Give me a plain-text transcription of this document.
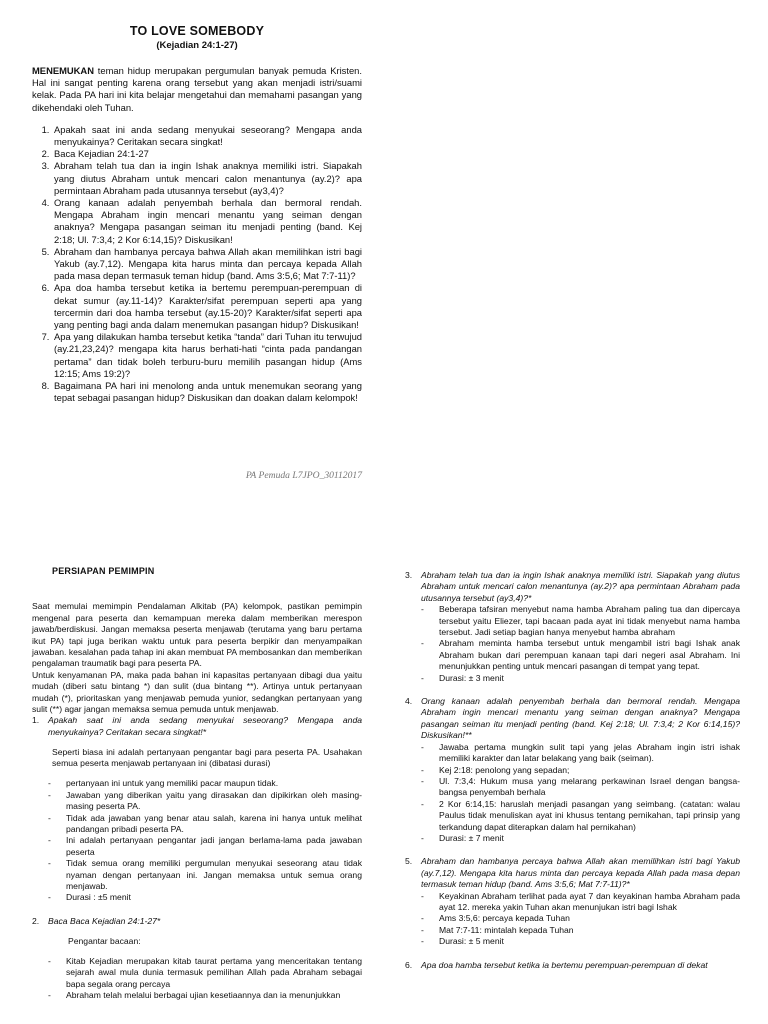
TO LOVE SOMEBODY

(Kejadian 24:1-27)

MENEMUKAN teman hidup merupakan pergumulan banyak pemuda Kristen. Hal ini sangat penting karena orang tersebut yang akan menjadi istri/suami kelak. Pada PA hari ini kita belajar mengetahui dan memahami pasangan yang dikehendaki oleh Tuhan.

1. Apakah saat ini anda sedang menyukai seseorang? Mengapa anda menyukainya? Ceritakan secara singkat!
2. Baca Kejadian 24:1-27
3. Abraham telah tua dan ia ingin Ishak anaknya memiliki istri. Siapakah yang diutus Abraham untuk mencari calon menantunya (ay.2)? apa permintaan Abraham pada utusannya tersebut (ay3,4)?
4. Orang kanaan adalah penyembah berhala dan bermoral rendah. Mengapa Abraham ingin mencari menantu yang seiman dengan anaknya? Mengapa pasangan seiman itu menjadi penting (band. Kej 2:18; Ul. 7:3,4; 2 Kor 6:14,15)? Diskusikan!
5. Abraham dan hambanya percaya bahwa Allah akan memilihkan istri bagi Yakub (ay.7,12). Mengapa kita harus minta dan percaya kepada Allah pada masa depan termasuk teman hidup (band. Ams 3:5,6; Mat 7:7-11)?
6. Apa doa hamba tersebut ketika ia bertemu perempuan-perempuan di dekat sumur (ay.11-14)? Karakter/sifat perempuan seperti apa yang tercermin dari doa hamba tersebut (ay.15-20)? Karakter/sifat seperti apa yang penting bagi anda dalam menemukan pasangan hidup? Diskusikan!
7. Apa yang dilakukan hamba tersebut ketika “tanda” dari Tuhan itu terwujud (ay.21,23,24)? mengapa kita harus berhati-hati “cinta pada pandangan pertama” dan tidak boleh terburu-buru memilih pasangan hidup (Ams 12:15; Ams 19:2)?
8. Bagaimana PA hari ini menolong anda untuk menemukan seorang yang tepat sebagai pasangan hidup? Diskusikan dan doakan dalam kelompok!
PA Pemuda L7JPO_30112017

PERSIAPAN PEMIMPIN

Saat memulai memimpin Pendalaman Alkitab (PA) kelompok, pastikan pemimpin mengenal para peserta dan kemampuan mereka dalam memberikan merespon jawab/berdiskusi. Jangan memaksa peserta menjawab (terutama yang baru pertama ikut PA) tapi juga berikan waktu untuk para peserta berpikir dan menyampaikan jawaban. kesalahan pada tahap ini akan membuat PA membosankan dan memberikan pengalaman traumatik bagi para peserta PA.

Untuk kenyamanan PA, maka pada bahan ini kapasitas pertanyaan dibagi dua yaitu mudah (diberi satu bintang *) dan sulit (dua bintang **). Artinya untuk pertanyaan mudah (*), prioritaskan yang menjawab pemuda yunior, sedangkan pertanyaan yang sulit (**) agar jangan memaksa semua pemuda untuk menjawab.

1.	Apakah saat ini anda sedang menyukai seseorang? Mengapa anda menyukainya? Ceritakan secara singkat!*

Seperti biasa ini adalah pertanyaan pengantar bagi para peserta PA. Usahakan semua peserta menjawab pertanyaan ini (dibatasi durasi)

- pertanyaan ini untuk yang memiliki pacar maupun tidak.
- Jawaban yang diberikan yaitu yang dirasakan dan dipikirkan oleh masing-masing peserta PA.
- Tidak ada jawaban yang benar atau salah, karena ini hanya untuk melihat pandangan pribadi peserta PA.
- Ini adalah pertanyaan pengantar jadi jangan berlama-lama pada jawaban peserta
- Tidak semua orang memiliki pergumulan menyukai seseorang atau tidak nyaman dengan pertanyaan ini. Jangan memaksa untuk semua orang menjawab.
- Durasi : ±5 menit
2.	Baca Baca Kejadian 24:1-27*

Pengantar bacaan:

- Kitab Kejadian merupakan kitab taurat pertama yang menceritakan tentang sejarah awal mula dunia termasuk pemilihan Allah pada Abraham sebagai bapa segala orang percaya
- Abraham telah melalui berbagai ujian kesetiaannya dan ia menunjukkan
3.	Abraham telah tua dan ia ingin Ishak anaknya memiliki istri. Siapakah yang diutus Abraham untuk mencari calon menantunya (ay.2)? apa permintaan Abraham pada utusannya tersebut (ay3,4)?*
- Beberapa tafsiran menyebut nama hamba Abraham paling tua dan dipercaya tersebut yaitu Eliezer, tapi bacaan pada ayat ini tidak menyebut nama hamba tersebut. Jadi setiap bagian hanya menyebut hamba abraham
- Abraham meminta hamba tersebut untuk mengambil istri bagi Ishak anak Abraham bukan dari perempuan kanaan tapi dari negeri asal Abraham. Ini menunjukkan penting untuk mencari pasangan di tempat yang tepat.
- Durasi: ± 3 menit
4.	Orang kanaan adalah penyembah berhala dan bermoral rendah. Mengapa Abraham ingin mencari menantu yang seiman dengan anaknya? Mengapa pasangan seiman itu menjadi penting (band. Kej 2:18; Ul. 7:3,4; 2 Kor 6:14,15)? Diskusikan!**
- Jawaba pertama mungkin sulit tapi yang jelas Abraham ingin istri ishak memiliki karakter dan latar belakang yang baik (seiman).
- Kej 2:18: penolong yang sepadan;
- Ul. 7:3,4: Hukum musa yang melarang perkawinan Israel dengan bangsa-bangsa penyembah berhala
- 2 Kor 6:14,15: haruslah menjadi pasangan yang seimbang. (catatan: walau Paulus tidak menuliskan ayat ini khusus tentang pernikahan, tapi prinsip yang terkandung dapat diterapkan dalam hal pernikahan)
- Durasi: ± 7 menit
5.	Abraham dan hambanya percaya bahwa Allah akan memilihkan istri bagi Yakub (ay.7,12). Mengapa kita harus minta dan percaya kepada Allah pada masa depan termasuk teman hidup (band. Ams 3:5,6; Mat 7:7-11)?*
- Keyakinan Abraham terlihat pada ayat 7 dan keyakinan hamba Abraham pada ayat 12. mereka yakin Tuhan akan menunjukan istri bagi Ishak
- Ams 3:5,6: percaya kepada Tuhan
- Mat 7:7-11: mintalah kepada Tuhan
- Durasi: ± 5 menit
6.	Apa doa hamba tersebut ketika ia bertemu perempuan-perempuan di dekat
